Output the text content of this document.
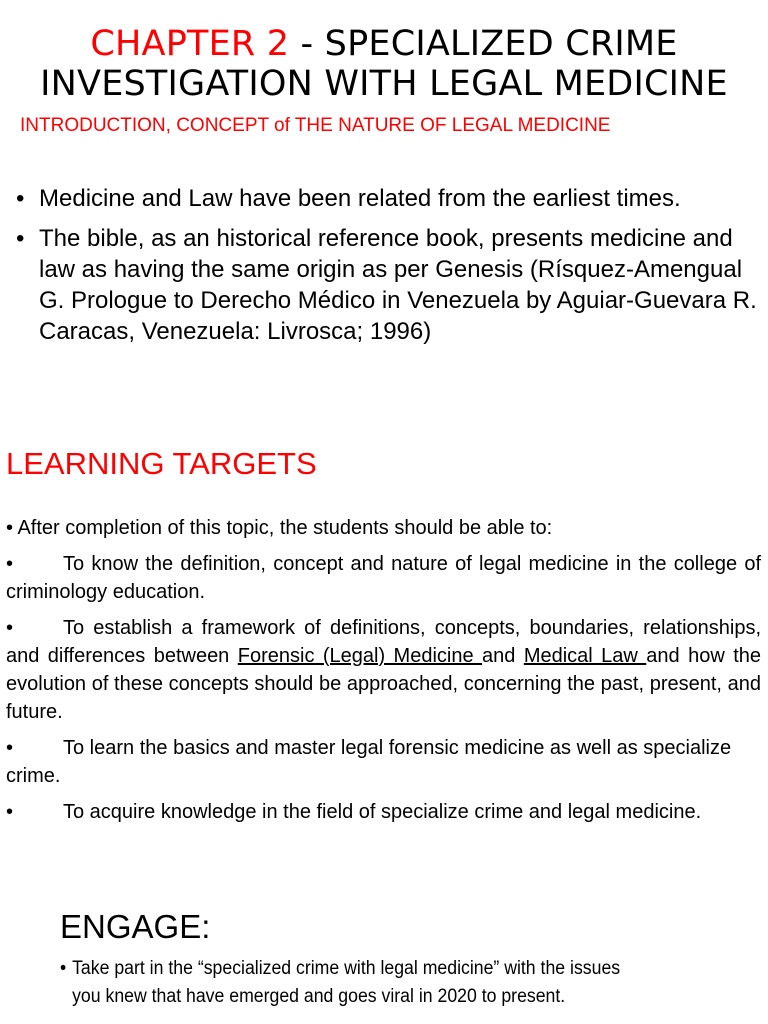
CHAPTER 2 - SPECIALIZED CRIME
INVESTIGATION WITH LEGAL MEDICINE
INTRODUCTION, CONCEPT of THE NATURE OF LEGAL MEDICINE
• Medicine and Law have been related from the earliest times.
• The bible, as an historical reference book, presents medicine and law as having the same origin as per Genesis (Rísquez-Amengual G. Prologue to Derecho Médico in Venezuela by Aguiar-Guevara R. Caracas, Venezuela: Livrosca; 1996)
LEARNING TARGETS

• After completion of this topic, the students should be able to:

• To know the definition, concept and nature of legal medicine in the college of criminology education.

• To establish a framework of definitions, concepts, boundaries, relationships, and differences between Forensic (Legal) Medicine and Medical Law and how the evolution of these concepts should be approached, concerning the past, present, and future.

• To learn the basics and master legal forensic medicine as well as specialize crime.

• To acquire knowledge in the field of specialize crime and legal medicine.

ENGAGE:
• Take part in the “specialized crime with legal medicine” with the issues you knew that have emerged and goes viral in 2020 to present.
